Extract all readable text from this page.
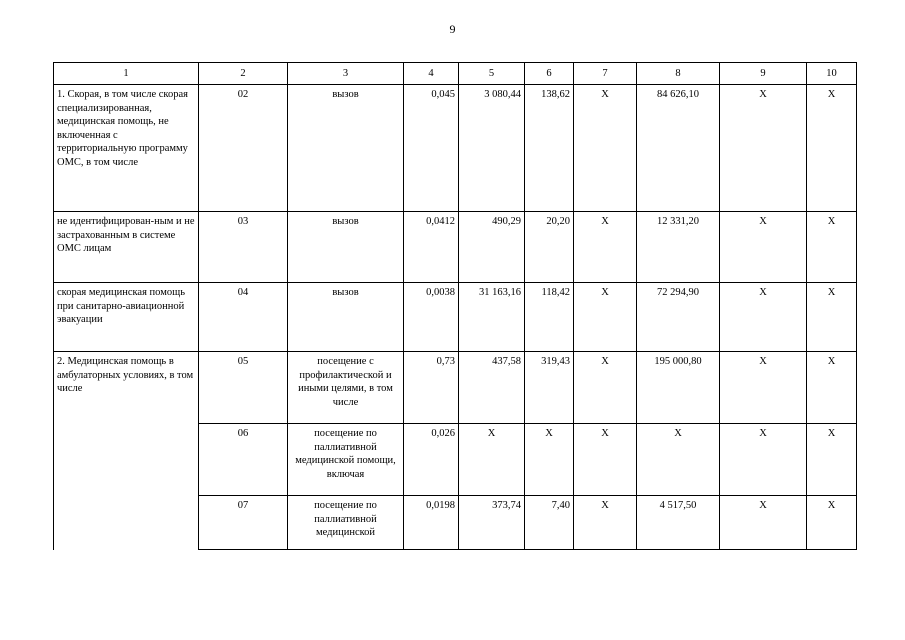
9
1	2	3	4	5	6	7	8	9	10
1. Скорая, в том числе скорая специализированная, медицинская помощь, не включенная с территориальную программу ОМС, в том числе	02	вызов	0,045	3 080,44	138,62	Х	84 626,10	Х	Х
не идентифицирован-ным и не застрахованным в системе ОМС лицам	03	вызов	0,0412	490,29	20,20	Х	12 331,20	Х	Х
скорая медицинская помощь при санитарно-авиационной эвакуации	04	вызов	0,0038	31 163,16	118,42	Х	72 294,90	Х	Х
2. Медицинская помощь в амбулаторных условиях, в том числе	05	посещение с профилактической и иными целями, в том числе	0,73	437,58	319,43	Х	195 000,80	Х	Х
	06	посещение по паллиативной медицинской помощи, включая	0,026	Х	Х	Х	Х	Х	Х
	07	посещение по паллиативной медицинской	0,0198	373,74	7,40	Х	4 517,50	Х	Х
